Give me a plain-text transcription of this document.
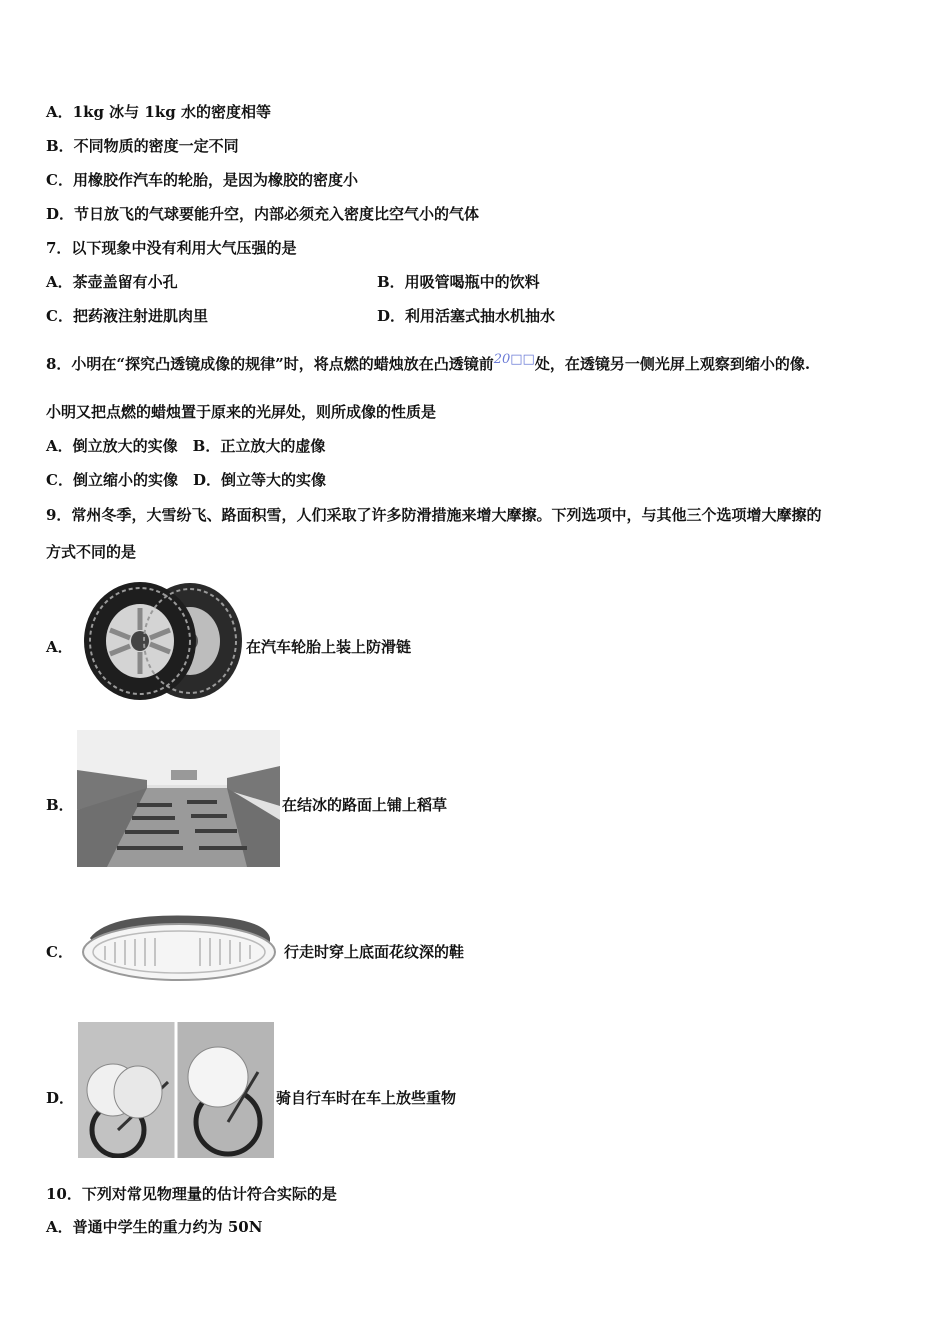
A．1kg 冰与 1kg 水的密度相等
B．不同物质的密度一定不同
C．用橡胶作汽车的轮胎，是因为橡胶的密度小
D．节日放飞的气球要能升空，内部必须充入密度比空气小的气体
7．以下现象中没有利用大气压强的是
A．茶壶盖留有小孔	B．用吸管喝瓶中的饮料
C．把药液注射进肌肉里	D．利用活塞式抽水机抽水
8．小明在“探究凸透镜成像的规律”时，将点燃的蜡烛放在凸透镜前20□□处，在透镜另一侧光屏上观察到缩小的像.
小明又把点燃的蜡烛置于原来的光屏处，则所成像的性质是
A．倒立放大的实像　B．正立放大的虚像
C．倒立缩小的实像　D．倒立等大的实像
9．常州冬季，大雪纷飞、路面积雪，人们采取了许多防滑措施来增大摩擦。下列选项中，与其他三个选项增大摩擦的
方式不同的是
A．	在汽车轮胎上装上防滑链
B．	在结冰的路面上铺上稻草
C．	行走时穿上底面花纹深的鞋
D．	骑自行车时在车上放些重物
10．下列对常见物理量的估计符合实际的是
A．普通中学生的重力约为 50N
